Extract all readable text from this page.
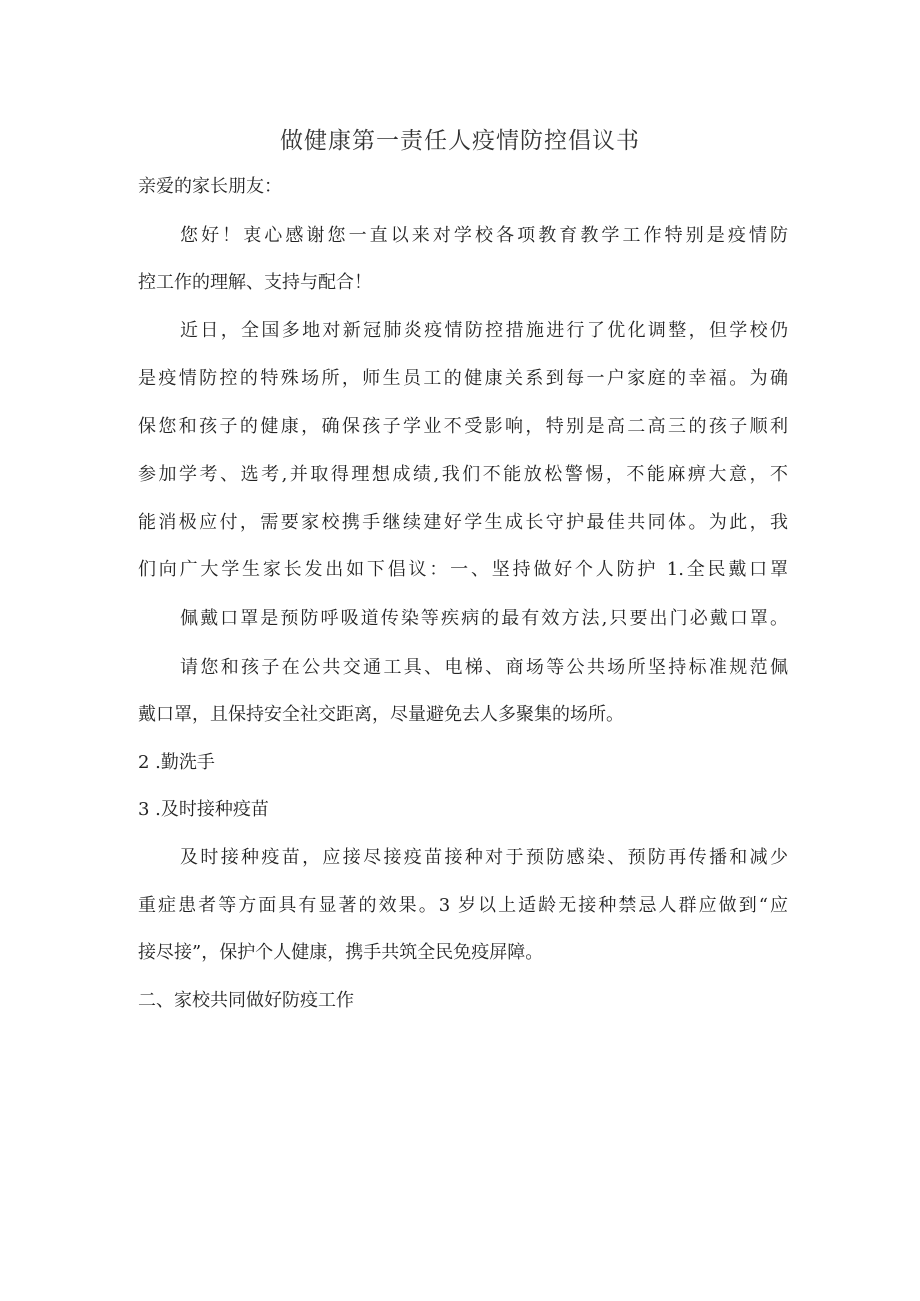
做健康第一责任人疫情防控倡议书
亲爱的家长朋友：
您好！衷心感谢您一直以来对学校各项教育教学工作特别是疫情防
控工作的理解、支持与配合！
近日，全国多地对新冠肺炎疫情防控措施进行了优化调整，但学校仍
是疫情防控的特殊场所，师生员工的健康关系到每一户家庭的幸福。为确
保您和孩子的健康，确保孩子学业不受影响，特别是高二高三的孩子顺利
参加学考、选考,并取得理想成绩,我们不能放松警惕，不能麻痹大意，不
能消极应付，需要家校携手继续建好学生成长守护最佳共同体。为此，我
们向广大学生家长发出如下倡议：一、坚持做好个人防护 1.全民戴口罩
佩戴口罩是预防呼吸道传染等疾病的最有效方法,只要出门必戴口罩。
请您和孩子在公共交通工具、电梯、商场等公共场所坚持标准规范佩
戴口罩，且保持安全社交距离，尽量避免去人多聚集的场所。
2 .勤洗手
3 .及时接种疫苗
及时接种疫苗，应接尽接疫苗接种对于预防感染、预防再传播和减少
重症患者等方面具有显著的效果。3 岁以上适龄无接种禁忌人群应做到“应
接尽接”，保护个人健康，携手共筑全民免疫屏障。
二、家校共同做好防疫工作
